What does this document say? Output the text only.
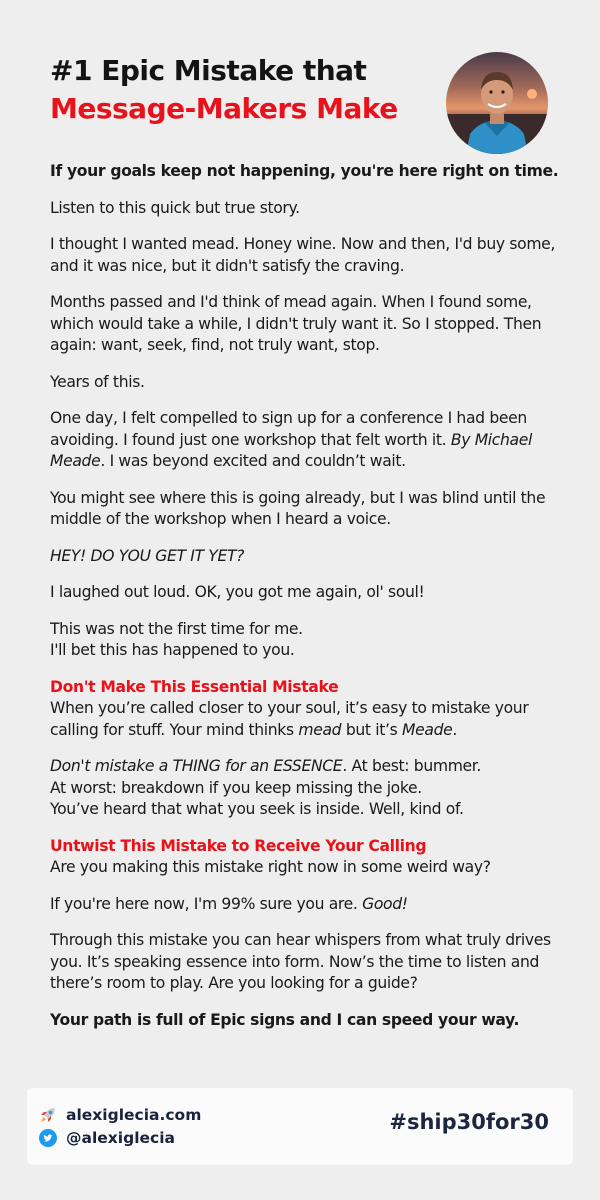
#1 Epic Mistake that
Message-Makers Make

If your goals keep not happening, you're here right on time.

Listen to this quick but true story.

I thought I wanted mead. Honey wine. Now and then, I'd buy some, and it was nice, but it didn't satisfy the craving.

Months passed and I'd think of mead again. When I found some, which would take a while, I didn't truly want it. So I stopped. Then again: want, seek, find, not truly want, stop.

Years of this.

One day, I felt compelled to sign up for a conference I had been avoiding. I found just one workshop that felt worth it. By Michael Meade. I was beyond excited and couldn’t wait.

You might see where this is going already, but I was blind until the middle of the workshop when I heard a voice.

HEY! DO YOU GET IT YET?

I laughed out loud. OK, you got me again, ol' soul!

This was not the first time for me.
I'll bet this has happened to you.

Don't Make This Essential Mistake
When you’re called closer to your soul, it’s easy to mistake your calling for stuff. Your mind thinks mead but it’s Meade.

Don't mistake a THING for an ESSENCE. At best: bummer.
At worst: breakdown if you keep missing the joke.
You’ve heard that what you seek is inside. Well, kind of.

Untwist This Mistake to Receive Your Calling
Are you making this mistake right now in some weird way?

If you're here now, I'm 99% sure you are. Good!

Through this mistake you can hear whispers from what truly drives you. It’s speaking essence into form. Now’s the time to listen and there’s room to play. Are you looking for a guide?

Your path is full of Epic signs and I can speed your way.

alexiglecia.com
@alexiglecia
#ship30for30
